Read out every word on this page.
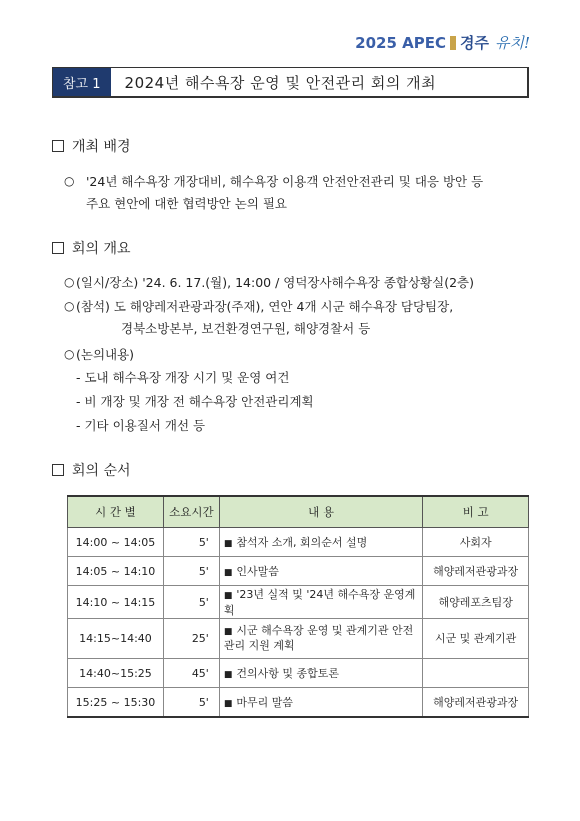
2025 APEC 경주 유치!
참고 1	2024년 해수욕장 운영 및 안전관리 회의 개최
개최 배경
○ '24년 해수욕장 개장대비, 해수욕장 이용객 안전안전관리 및 대응 방안 등
주요 현안에 대한 협력방안 논의 필요
회의 개요
○ (일시/장소) '24. 6. 17.(월), 14:00 / 영덕장사해수욕장 종합상황실(2층)
○ (참석) 도 해양레저관광과장(주재), 연안 4개 시군 해수욕장 담당팀장,
경북소방본부, 보건환경연구원, 해양경찰서 등
○ (논의내용)
- 도내 해수욕장 개장 시기 및 운영 여건
- 비 개장 및 개장 전 해수욕장 안전관리계획
- 기타 이용질서 개선 등
회의 순서
시 간 별	소요시간	내 용	비 고
14:00 ~ 14:05	5'	■ 참석자 소개, 회의순서 설명	사회자
14:05 ~ 14:10	5'	■ 인사말씀	해양레저관광과장
14:10 ~ 14:15	5'	■ '23년 실적 및 '24년 해수욕장 운영계획	해양레포츠팀장
14:15~14:40	25'	■ 시군 해수욕장 운영 및 관계기관 안전관리 지원 계획	시군 및 관계기관
14:40~15:25	45'	■ 건의사항 및 종합토론	
15:25 ~ 15:30	5'	■ 마무리 말씀	해양레저관광과장
